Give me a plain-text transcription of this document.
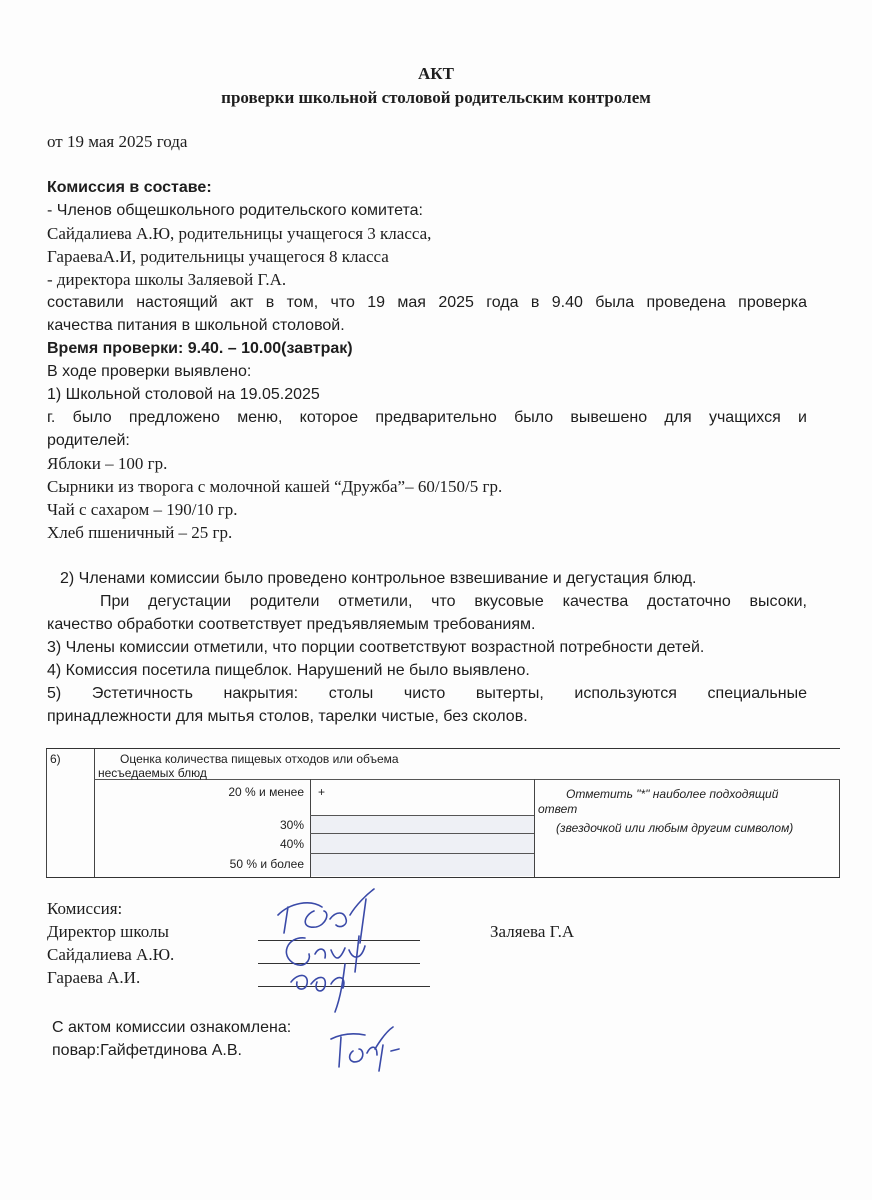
АКТ
проверки школьной столовой родительским контролем
от 19 мая 2025 года
Комиссия в составе:
- Членов общешкольного родительского комитета:
Сайдалиева А.Ю, родительницы учащегося 3 класса,
ГараеваА.И, родительницы учащегося 8 класса
- директора школы Заляевой Г.А.
составили настоящий акт в том, что 19 мая 2025 года в 9.40 была проведена проверка
качества питания в школьной столовой.
Время проверки: 9.40. – 10.00(завтрак)
В ходе проверки выявлено:
1) Школьной столовой на 19.05.2025
г. было предложено меню, которое предварительно было вывешено для учащихся и
родителей:
Яблоки – 100 гр.
Сырники из творога с молочной кашей “Дружба”– 60/150/5 гр.
Чай с сахаром – 190/10 гр.
Хлеб пшеничный – 25 гр.
2) Членами комиссии было проведено контрольное взвешивание и дегустация блюд.
При дегустации родители отметили, что вкусовые качества достаточно высоки,
качество обработки соответствует предъявляемым требованиям.
3) Члены комиссии отметили, что порции соответствуют возрастной потребности детей.
4) Комиссия посетила пищеблок. Нарушений не было выявлено.
5) Эстетичность накрытия: столы чисто вытерты, используются специальные
принадлежности для мытья столов, тарелки чистые, без сколов.
6)	Оценка количества пищевых отходов или объема
несъедаемых блюд
20 % и менее +
30%
40%
50 % и более
Отметить "*" наиболее подходящий
ответ
(звездочкой или любым другим символом)
Комиссия:
Директор школы	Заляева Г.А
Сайдалиева А.Ю.
Гараева А.И.
С актом комиссии ознакомлена:
повар:Гайфетдинова А.В.
